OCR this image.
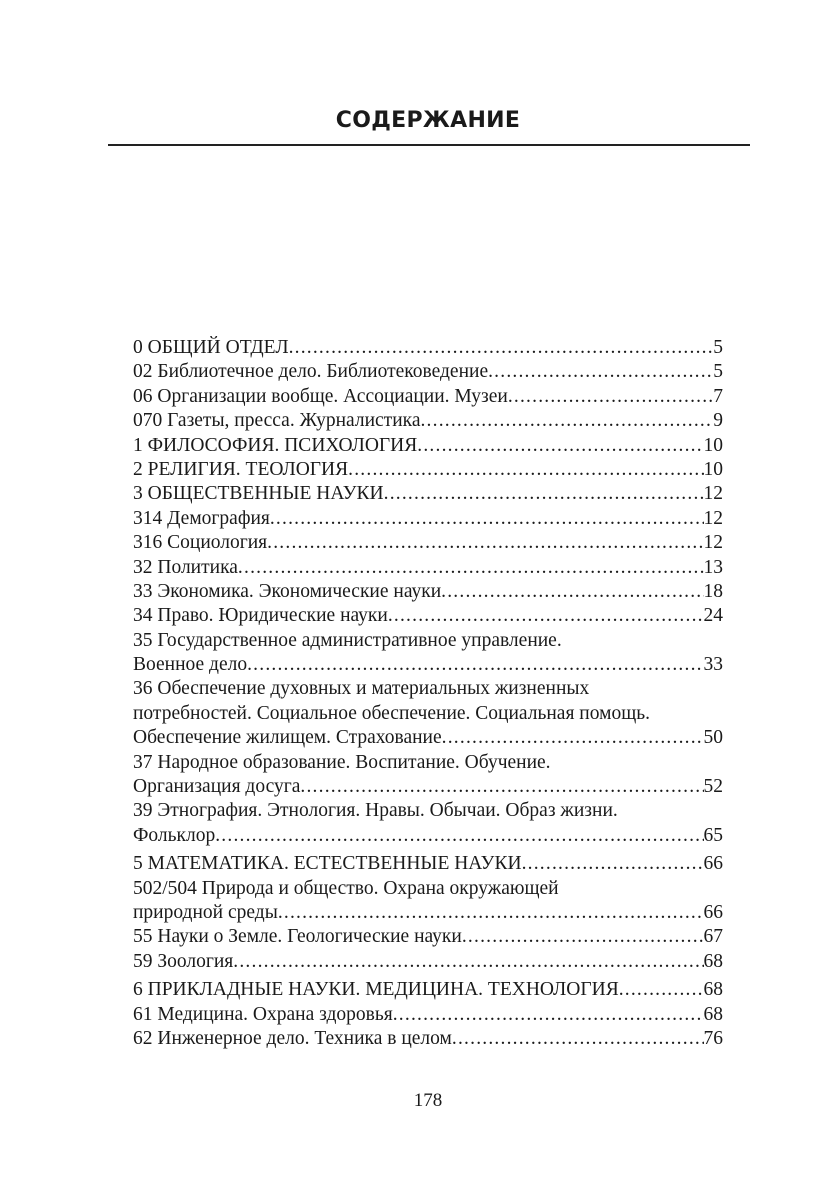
СОДЕРЖАНИЕ
0 ОБЩИЙ ОТДЕЛ .....	5
02 Библиотечное дело. Библиотековедение .....	5
06 Организации вообще. Ассоциации. Музеи .....	7
070 Газеты, пресса. Журналистика .....	9
1 ФИЛОСОФИЯ. ПСИХОЛОГИЯ .....	10
2 РЕЛИГИЯ. ТЕОЛОГИЯ .....	10
3 ОБЩЕСТВЕННЫЕ НАУКИ .....	12
314 Демография .....	12
316 Социология .....	12
32 Политика .....	13
33 Экономика. Экономические науки .....	18
34 Право. Юридические науки .....	24
35 Государственное административное управление.
Военное дело .....	33
36 Обеспечение духовных и материальных жизненных
потребностей. Социальное обеспечение. Социальная помощь.
Обеспечение жилищем. Страхование .....	50
37 Народное образование. Воспитание. Обучение.
Организация досуга .....	52
39 Этнография. Этнология. Нравы. Обычаи. Образ жизни.
Фольклор .....	65
5 МАТЕМАТИКА. ЕСТЕСТВЕННЫЕ НАУКИ .....	66
502/504 Природа и общество. Охрана окружающей
природной среды .....	66
55 Науки о Земле. Геологические науки .....	67
59 Зоология .....	68
6 ПРИКЛАДНЫЕ НАУКИ. МЕДИЦИНА. ТЕХНОЛОГИЯ .....	68
61 Медицина. Охрана здоровья .....	68
62 Инженерное дело. Техника в целом .....	76
178
